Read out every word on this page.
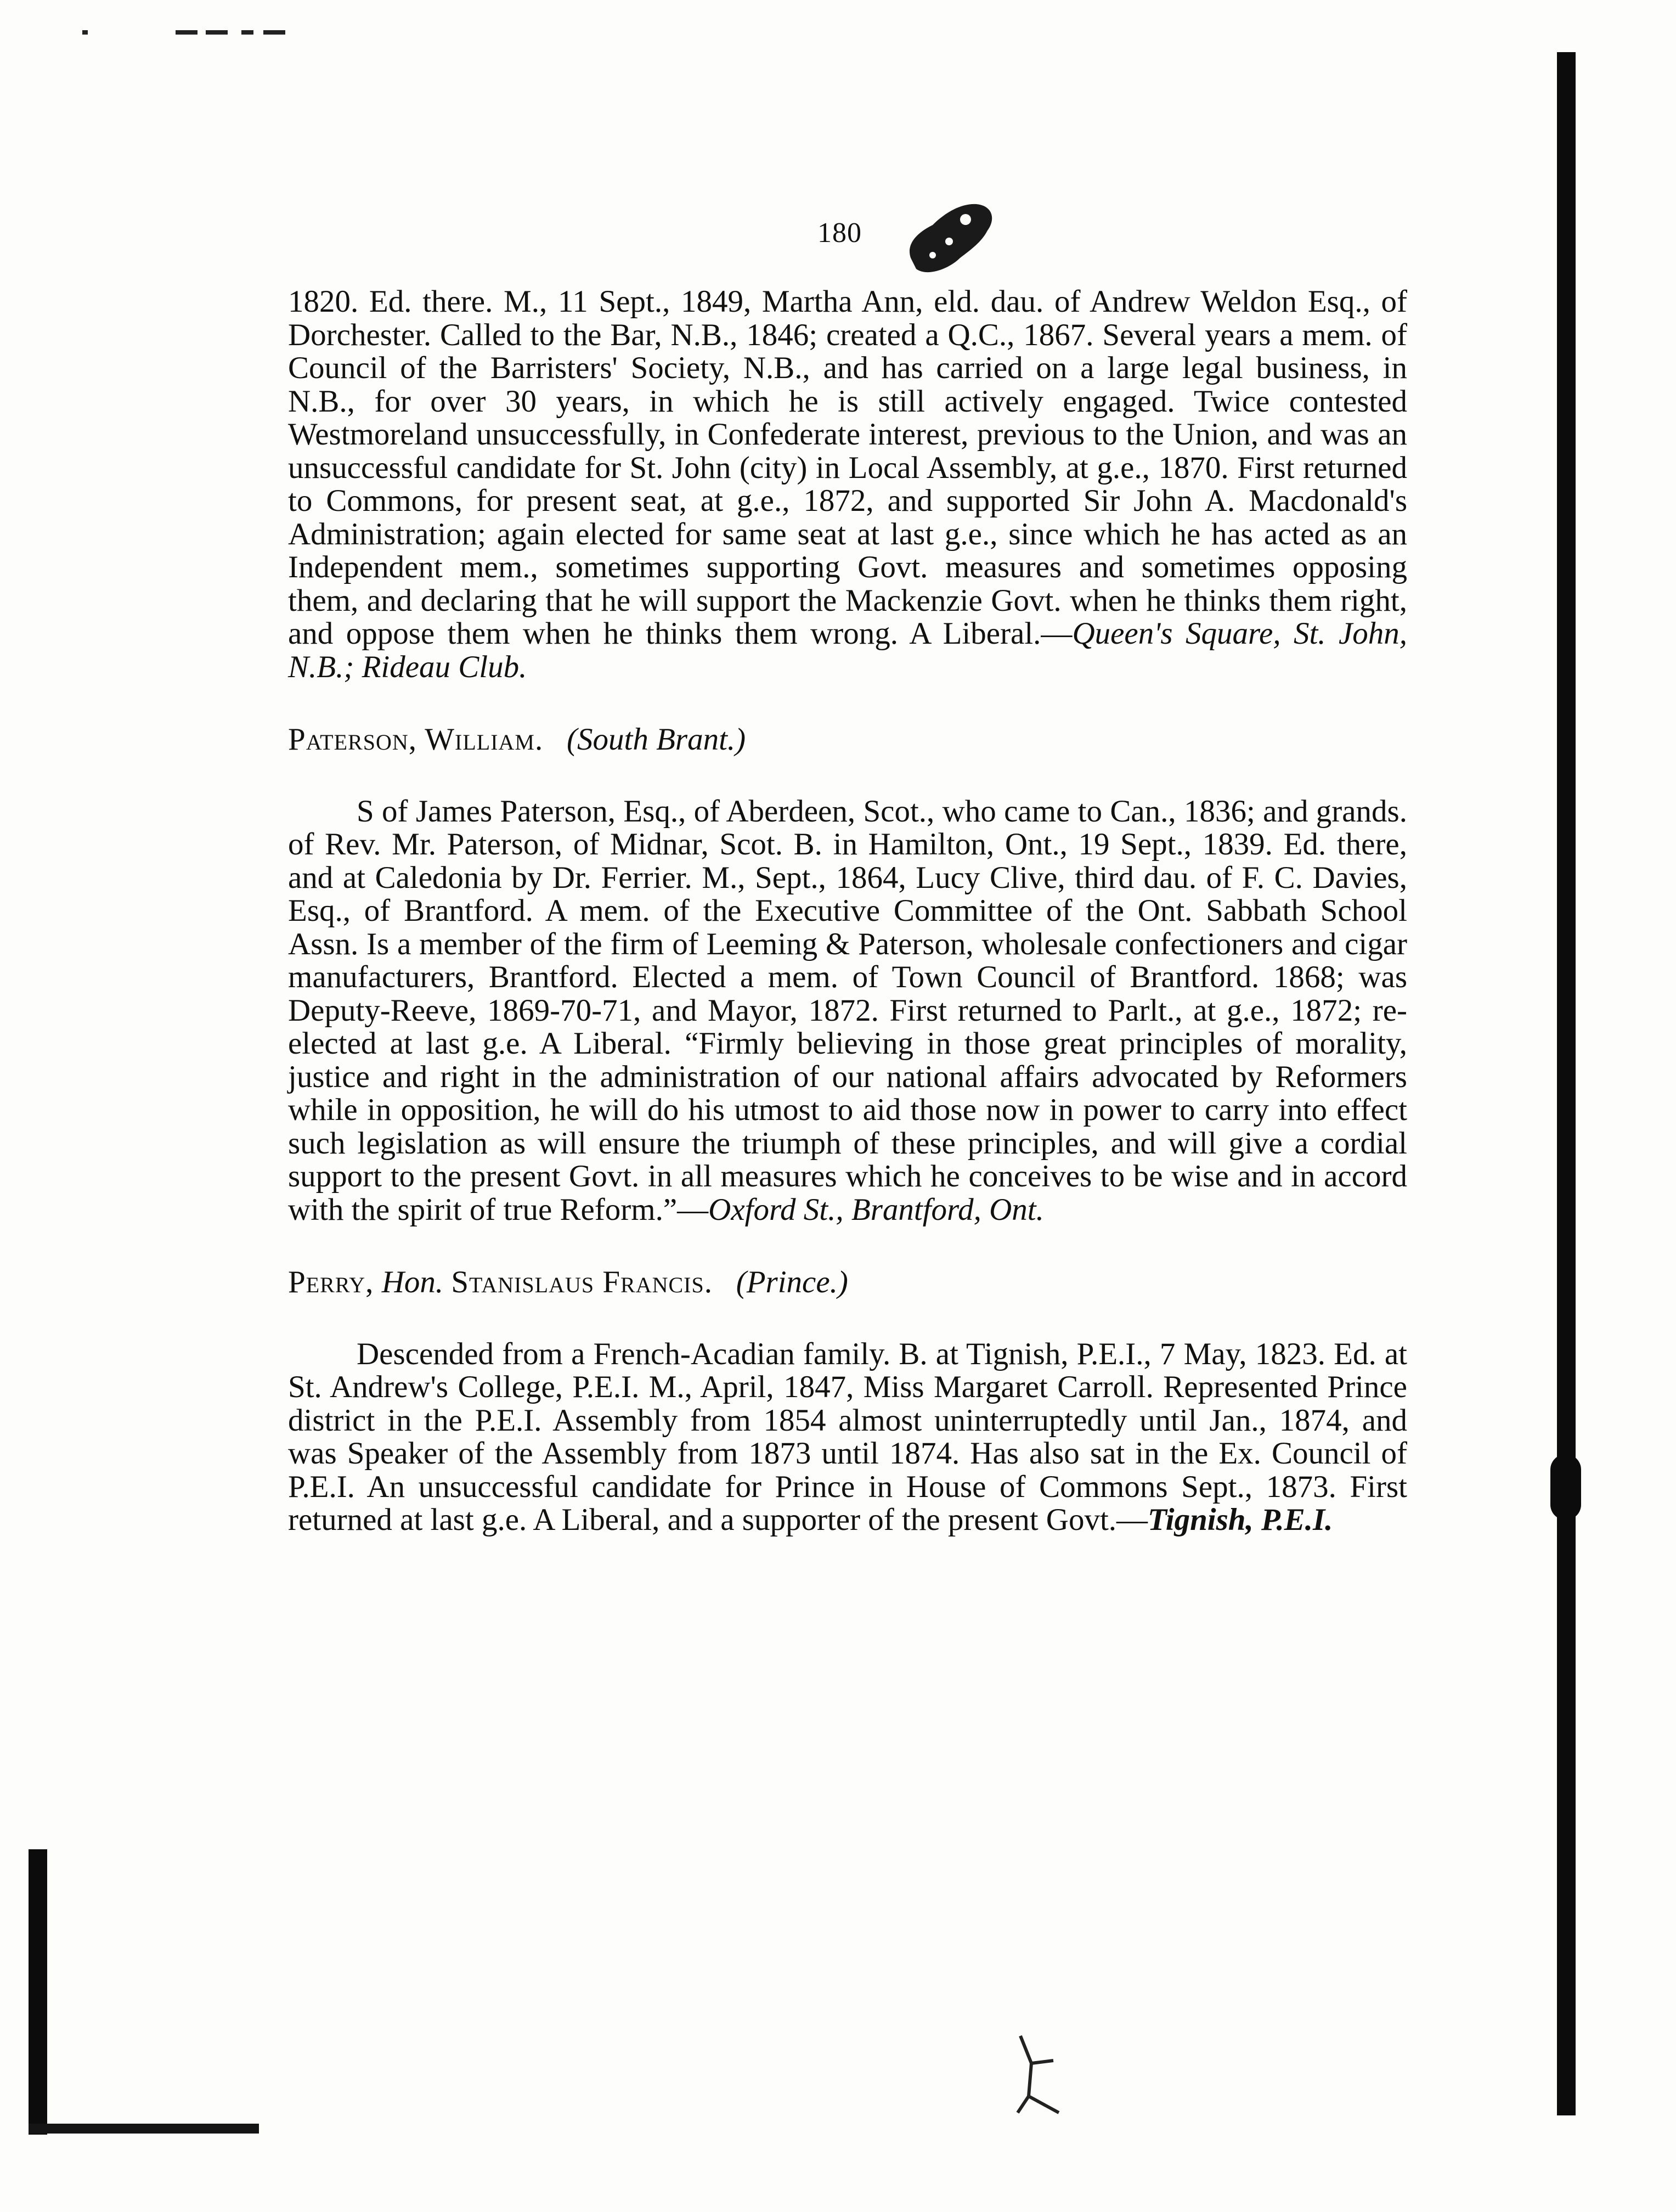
180

1820. Ed. there. M., 11 Sept., 1849, Martha Ann, eld. dau. of Andrew Weldon Esq., of Dorchester. Called to the Bar, N.B., 1846; created a Q.C., 1867. Several years a mem. of Council of the Barristers' Society, N.B., and has carried on a large legal business, in N.B., for over 30 years, in which he is still actively engaged. Twice contested Westmoreland unsuccessfully, in Confederate interest, previous to the Union, and was an unsuccessful candidate for St. John (city) in Local Assembly, at g.e., 1870. First returned to Commons, for present seat, at g.e., 1872, and supported Sir John A. Macdonald's Administration; again elected for same seat at last g.e., since which he has acted as an Independent mem., sometimes supporting Govt. measures and sometimes opposing them, and declaring that he will support the Mackenzie Govt. when he thinks them right, and oppose them when he thinks them wrong. A Liberal.—Queen's Square, St. John, N.B.; Rideau Club.

Paterson, William. (South Brant.)

S of James Paterson, Esq., of Aberdeen, Scot., who came to Can., 1836; and grands. of Rev. Mr. Paterson, of Midnar, Scot. B. in Hamilton, Ont., 19 Sept., 1839. Ed. there, and at Caledonia by Dr. Ferrier. M., Sept., 1864, Lucy Clive, third dau. of F. C. Davies, Esq., of Brantford. A mem. of the Executive Committee of the Ont. Sabbath School Assn. Is a member of the firm of Leeming & Paterson, wholesale confectioners and cigar manufacturers, Brantford. Elected a mem. of Town Council of Brantford. 1868; was Deputy-Reeve, 1869-70-71, and Mayor, 1872. First returned to Parlt., at g.e., 1872; re-elected at last g.e. A Liberal. “Firmly believing in those great principles of morality, justice and right in the administration of our national affairs advocated by Reformers while in opposition, he will do his utmost to aid those now in power to carry into effect such legislation as will ensure the triumph of these principles, and will give a cordial support to the present Govt. in all measures which he conceives to be wise and in accord with the spirit of true Reform.”—Oxford St., Brantford, Ont.

Perry, Hon. Stanislaus Francis. (Prince.)

Descended from a French-Acadian family. B. at Tignish, P.E.I., 7 May, 1823. Ed. at St. Andrew's College, P.E.I. M., April, 1847, Miss Margaret Carroll. Represented Prince district in the P.E.I. Assembly from 1854 almost uninterruptedly until Jan., 1874, and was Speaker of the Assembly from 1873 until 1874. Has also sat in the Ex. Council of P.E.I. An unsuccessful candidate for Prince in House of Commons Sept., 1873. First returned at last g.e. A Liberal, and a supporter of the present Govt.—Tignish, P.E.I.
